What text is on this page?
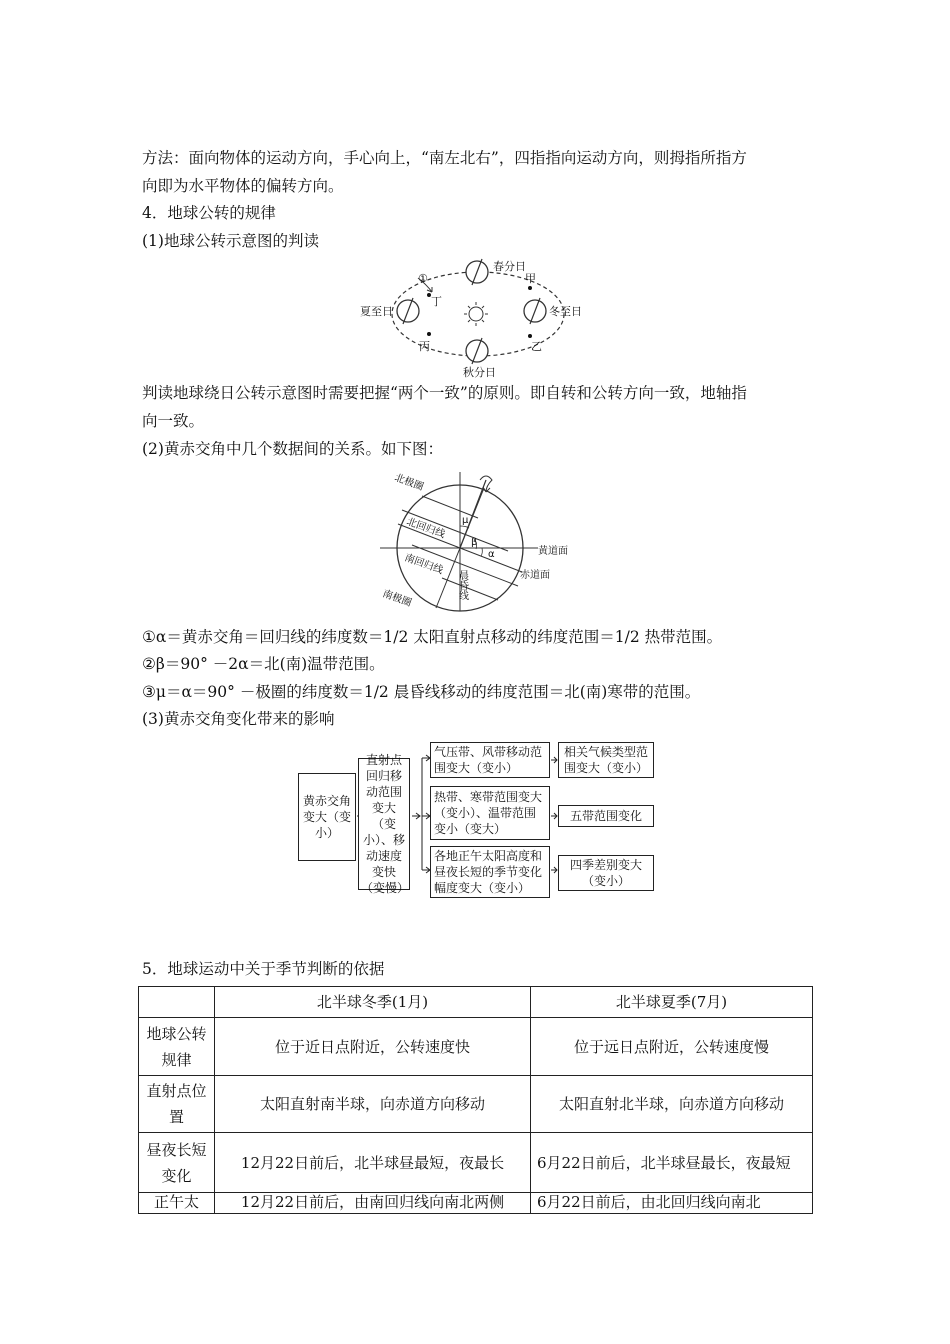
方法：面向物体的运动方向，手心向上，“南左北右”，四指指向运动方向，则拇指所指方
向即为水平物体的偏转方向。
4．地球公转的规律
(1)地球公转示意图的判读
春分日
夏至日	冬至日
秋分日
甲
乙
丙
丁
①
判读地球绕日公转示意图时需要把握“两个一致”的原则。即自转和公转方向一致，地轴指
向一致。
(2)黄赤交角中几个数据间的关系。如下图：
μ
β
α
北极圈
北回归线
南回归线
南极圈	晨昏线
黄道面
赤道面
①α＝黄赤交角＝回归线的纬度数＝1/2 太阳直射点移动的纬度范围＝1/2 热带范围。
②β＝90° －2α＝北(南)温带范围。
③μ＝α＝90° －极圈的纬度数＝1/2 晨昏线移动的纬度范围＝北(南)寒带的范围。
(3)黄赤交角变化带来的影响
黄赤交角变大（变小）
直射点回归移动范围变大（变小）、移动速度变快（变慢）
气压带、风带移动范围变大（变小）
热带、寒带范围变大（变小）、温带范围变小（变大）
各地正午太阳高度和昼夜长短的季节变化幅度变大（变小）
相关气候类型范围变大（变小）
五带范围变化
四季差别变大（变小）
5．地球运动中关于季节判断的依据
	北半球冬季(1月)	北半球夏季(7月)
地球公转规律	位于近日点附近，公转速度快	位于远日点附近，公转速度慢
直射点位置	太阳直射南半球，向赤道方向移动	太阳直射北半球，向赤道方向移动
昼夜长短变化	12月22日前后，北半球昼最短，夜最长	6月22日前后，北半球昼最长，夜最短
正午太	12月22日前后，由南回归线向南北两侧	6月22日前后，由北回归线向南北
